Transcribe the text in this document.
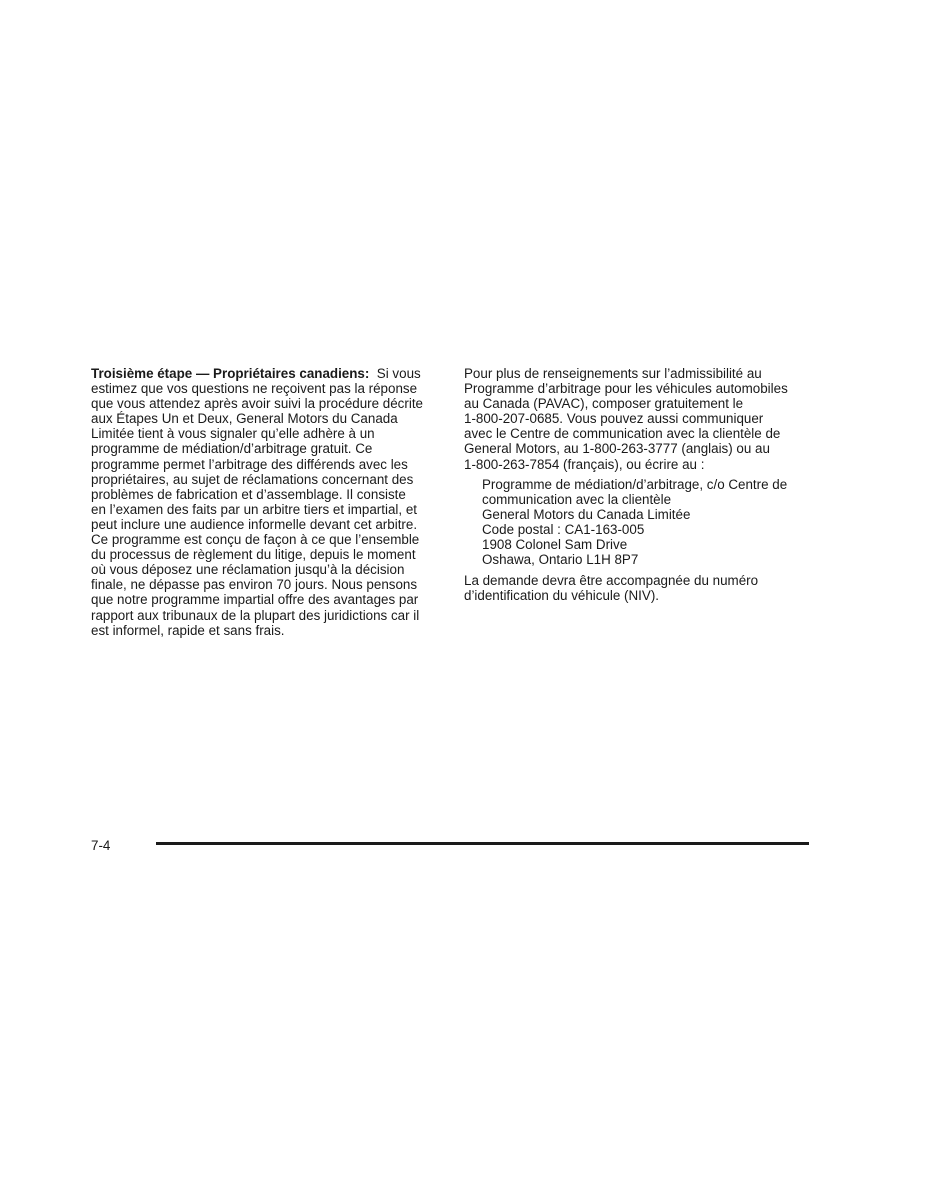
Troisième étape — Propriétaires canadiens: Si vous
estimez que vos questions ne reçoivent pas la réponse
que vous attendez après avoir suivi la procédure décrite
aux Étapes Un et Deux, General Motors du Canada
Limitée tient à vous signaler qu’elle adhère à un
programme de médiation/d’arbitrage gratuit. Ce
programme permet l’arbitrage des différends avec les
propriétaires, au sujet de réclamations concernant des
problèmes de fabrication et d’assemblage. Il consiste
en l’examen des faits par un arbitre tiers et impartial, et
peut inclure une audience informelle devant cet arbitre.
Ce programme est conçu de façon à ce que l’ensemble
du processus de règlement du litige, depuis le moment
où vous déposez une réclamation jusqu’à la décision
finale, ne dépasse pas environ 70 jours. Nous pensons
que notre programme impartial offre des avantages par
rapport aux tribunaux de la plupart des juridictions car il
est informel, rapide et sans frais.
Pour plus de renseignements sur l’admissibilité au
Programme d’arbitrage pour les véhicules automobiles
au Canada (PAVAC), composer gratuitement le
1-800-207-0685. Vous pouvez aussi communiquer
avec le Centre de communication avec la clientèle de
General Motors, au 1-800-263-3777 (anglais) ou au
1-800-263-7854 (français), ou écrire au :
Programme de médiation/d’arbitrage, c/o Centre de
communication avec la clientèle
General Motors du Canada Limitée
Code postal : CA1-163-005
1908 Colonel Sam Drive
Oshawa, Ontario L1H 8P7
La demande devra être accompagnée du numéro
d’identification du véhicule (NIV).
7-4
